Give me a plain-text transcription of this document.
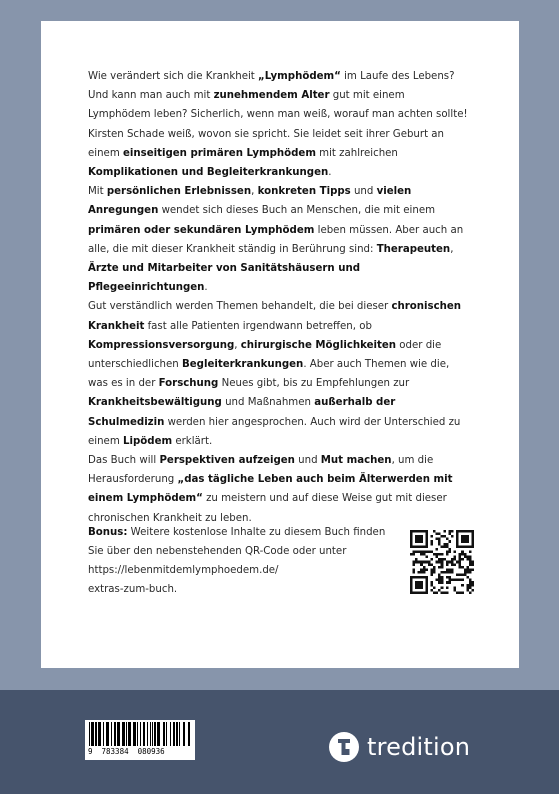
Wie verändert sich die Krankheit „Lymphödem“ im Laufe des Lebens? Und kann man auch mit zunehmendem Alter gut mit einem Lymphödem leben? Sicherlich, wenn man weiß, worauf man achten sollte!

Kirsten Schade weiß, wovon sie spricht. Sie leidet seit ihrer Geburt an einem einseitigen primären Lymphödem mit zahlreichen Komplikationen und Begleiterkrankungen.

Mit persönlichen Erlebnissen, konkreten Tipps und vielen Anregungen wendet sich dieses Buch an Menschen, die mit einem primären oder sekundären Lymphödem leben müssen. Aber auch an alle, die mit dieser Krankheit ständig in Berührung sind: Therapeuten, Ärzte und Mitarbeiter von Sanitätshäusern und Pflegeeinrichtungen.

Gut verständlich werden Themen behandelt, die bei dieser chronischen Krankheit fast alle Patienten irgendwann betreffen, ob Kompressionsversorgung, chirurgische Möglichkeiten oder die unterschiedlichen Begleiterkrankungen. Aber auch Themen wie die, was es in der Forschung Neues gibt, bis zu Empfehlungen zur Krankheitsbewältigung und Maßnahmen außerhalb der Schulmedizin werden hier angesprochen. Auch wird der Unterschied zu einem Lipödem erklärt.

Das Buch will Perspektiven aufzeigen und Mut machen, um die Herausforderung „das tägliche Leben auch beim Älterwerden mit einem Lymphödem“ zu meistern und auf diese Weise gut mit dieser chronischen Krankheit zu leben.

Bonus: Weitere kostenlose Inhalte zu diesem Buch finden Sie über den nebenstehenden QR-Code oder unter

https://lebenmitdemlymphoedem.de/
extras-zum-buch.

9 783384 080936	tredition
